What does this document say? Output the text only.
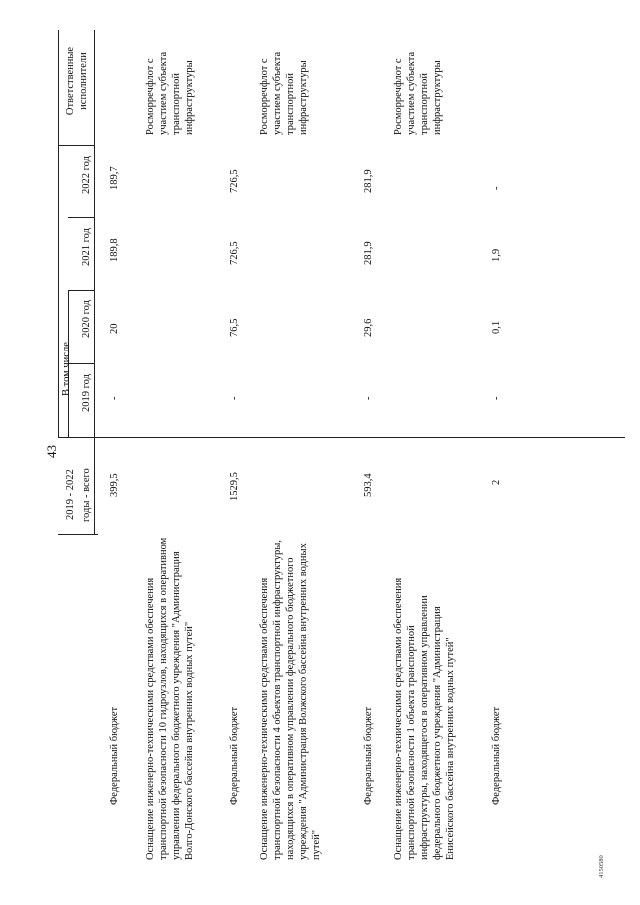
43
2019 - 2022 годы - всего
В том числе 2019 год
2020 год
2021 год
2022 год
Ответственные исполнители
Федеральный бюджет
399,5
-
20
189,8
189,7
Оснащение инженерно-техническими средствами обеспечения транспортной безопасности 10 гидроузлов, находящихся в оперативном управлении федерального бюджетного учреждения "Администрация Волго-Донского бассейна внутренних водных путей"
Росморречфлот с участием субъекта транспортной инфраструктуры
Федеральный бюджет
1529,5
-
76,5
726,5
726,5
Оснащение инженерно-техническими средствами обеспечения транспортной безопасности 4 объектов транспортной инфраструктуры, находящихся в оперативном управлении федерального бюджетного учреждения "Администрация Волжского бассейна внутренних водных путей"
Росморречфлот с участием субъекта транспортной инфраструктуры
Федеральный бюджет
593,4
-
29,6
281,9
281,9
Оснащение инженерно-техническими средствами обеспечения транспортной безопасности 1 объекта транспортной инфраструктуры, находящегося в оперативном управлении федерального бюджетного учреждения "Администрация Енисейского бассейна внутренних водных путей"
Росморречфлот с участием субъекта транспортной инфраструктуры
Федеральный бюджет
2
-
0,1
1,9
-
4150580
